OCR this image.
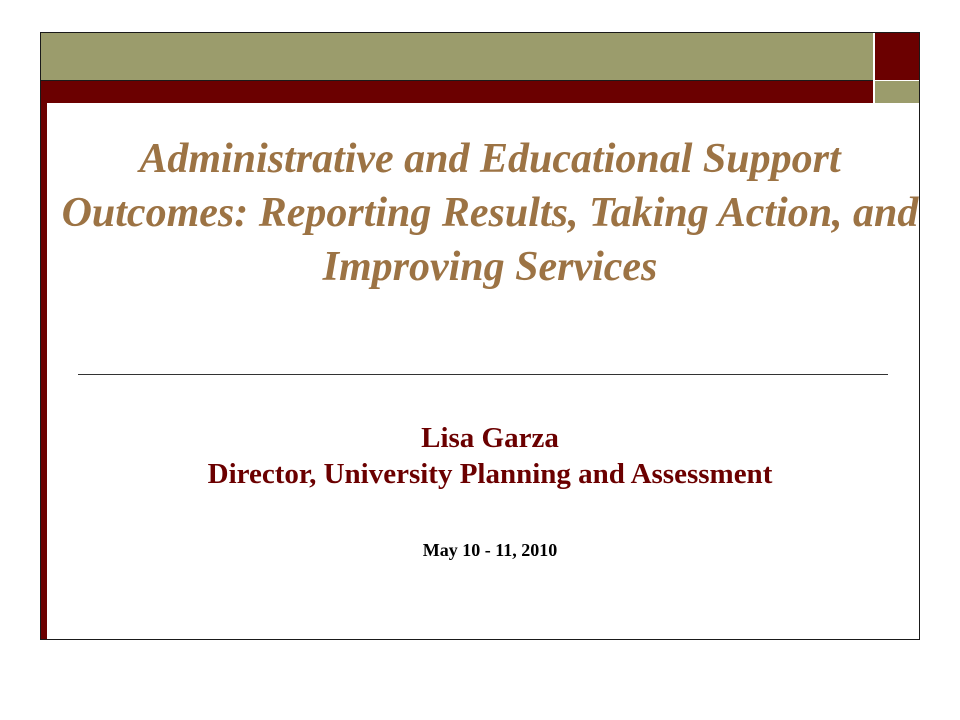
Administrative and Educational Support Outcomes: Reporting Results, Taking Action, and Improving Services
Lisa Garza
Director, University Planning and Assessment
May 10 - 11, 2010
